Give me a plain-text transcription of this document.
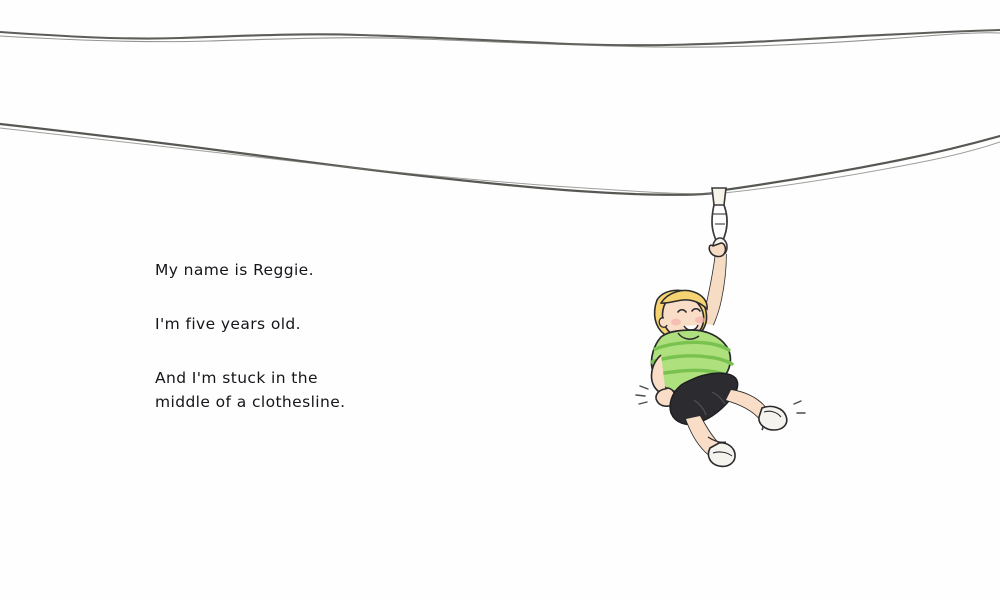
My name is Reggie.
I'm five years old.
And I'm stuck in the
middle of a clothesline.
